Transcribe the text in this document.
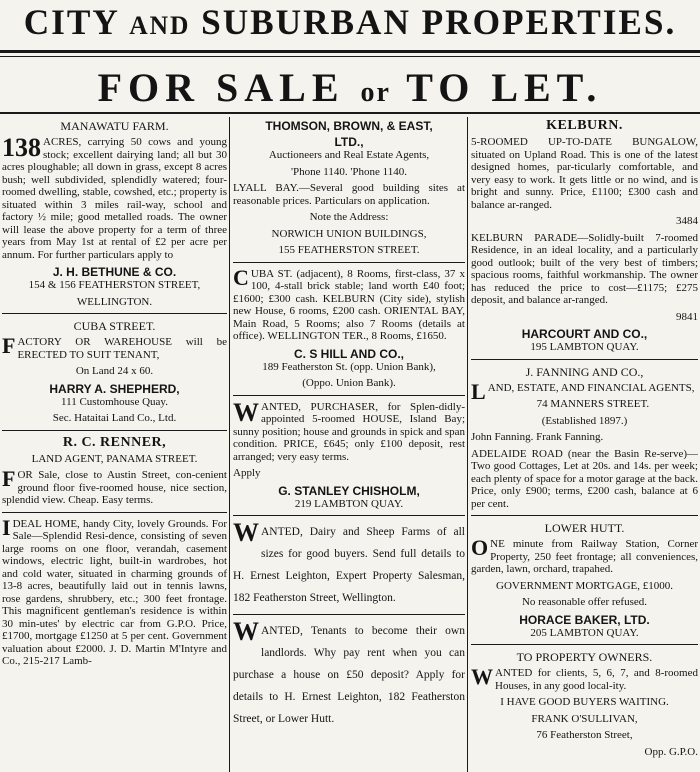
CITY AND SUBURBAN PROPERTIES.
FOR SALE or TO LET.
MANAWATU FARM.
138 ACRES, carrying 50 cows and young stock; excellent dairying land; all but 30 acres ploughable; all down in grass, except 8 acres bush; well subdivided, splendidly watered; four-roomed dwelling, stable, cowshed, etc.; property is situated within 3 miles rail-way, school and factory ½ mile; good metalled roads. The owner will lease the above property for a term of three years from May 1st at rental of £2 per acre per annum. For further particulars apply to
J. H. BETHUNE & CO.
154 & 156 FEATHERSTON STREET,
WELLINGTON.
CUBA STREET.
F ACTORY OR WAREHOUSE will be ERECTED TO SUIT TENANT,
On Land 24 x 60.
HARRY A. SHEPHERD,
111 Customhouse Quay.
Sec. Hataitai Land Co., Ltd.
R. C. RENNER,
LAND AGENT, PANAMA STREET.
F OR Sale, close to Austin Street, con-cenient ground floor five-roomed house, nice section, splendid view. Cheap. Easy terms.
I DEAL HOME, handy City, lovely Grounds. For Sale—Splendid Resi-dence, consisting of seven large rooms on one floor, verandah, casement windows, electric light, built-in wardrobes, hot and cold water, situated in charming grounds of 13-8 acres, beautifully laid out in tennis lawns, rose gardens, shrubbery, etc.; 300 feet frontage. This magnificent gentleman's residence is within 30 min-utes' by electric car from G.P.O. Price, £1700, mortgage £1250 at 5 per cent. Government valuation about £2000. J. D. Martin M'Intyre and Co., 215-217 Lamb-
THOMSON, BROWN, & EAST,
LTD.,
Auctioneers and Real Estate Agents,
'Phone 1140. 'Phone 1140.
LYALL BAY.—Several good building sites at reasonable prices. Particulars on application.
Note the Address:
NORWICH UNION BUILDINGS,
155 FEATHERSTON STREET.
C UBA ST. (adjacent), 8 Rooms, first-class, 37 x 100, 4-stall brick stable; land worth £40 foot; £1600; £300 cash. KELBURN (City side), stylish new House, 6 rooms, £200 cash. ORIENTAL BAY, Main Road, 5 Rooms; also 7 Rooms (details at office). WELLINGTON TER., 8 Rooms, £1650.
C. S HILL AND CO.,
189 Featherston St. (opp. Union Bank),
(Oppo. Union Bank).
W ANTED, PURCHASER, for Splen-didly-appointed 5-roomed HOUSE, Island Bay; sunny position; house and grounds in spick and span condition. PRICE, £645; only £100 deposit, rest arranged; very easy terms.
Apply
G. STANLEY CHISHOLM,
219 LAMBTON QUAY.
W ANTED, Dairy and Sheep Farms of all sizes for good buyers. Send full details to H. Ernest Leighton, Expert Property Salesman, 182 Featherston Street, Wellington.
W ANTED, Tenants to become their own landlords. Why pay rent when you can purchase a house on £50 deposit? Apply for details to H. Ernest Leighton, 182 Featherston Street, or Lower Hutt.
KELBURN.
5-ROOMED UP-TO-DATE BUNGALOW, situated on Upland Road. This is one of the latest designed homes, par-ticularly comfortable, and very easy to work. It gets little or no wind, and is bright and sunny. Price, £1100; £300 cash and balance ar-ranged.
3484
KELBURN PARADE—Solidly-built 7-roomed Residence, in an ideal locality, and a particularly good outlook; built of the very best of timbers; spacious rooms, faithful workmanship. The owner has reduced the price to cost—£1175; £275 deposit, and balance ar-ranged.
9841
HARCOURT AND CO.,
195 LAMBTON QUAY.
J. FANNING AND CO.,
L AND, ESTATE, AND FINANCIAL AGENTS,
74 MANNERS STREET.
(Established 1897.)
John Fanning. Frank Fanning.
ADELAIDE ROAD (near the Basin Re-serve)—Two good Cottages, Let at 20s. and 14s. per week; each plenty of space for a motor garage at the back. Price, only £900; terms, £200 cash, balance at 6 per cent.
LOWER HUTT.
O NE minute from Railway Station, Corner Property, 250 feet frontage; all conveniences, garden, lawn, orchard, trapahed.
GOVERNMENT MORTGAGE, £1000.
No reasonable offer refused.
HORACE BAKER, LTD.
205 LAMBTON QUAY.
TO PROPERTY OWNERS.
W ANTED for clients, 5, 6, 7, and 8-roomed Houses, in any good local-ity.
I HAVE GOOD BUYERS WAITING.
FRANK O'SULLIVAN,
76 Featherston Street,
Opp. G.P.O.
